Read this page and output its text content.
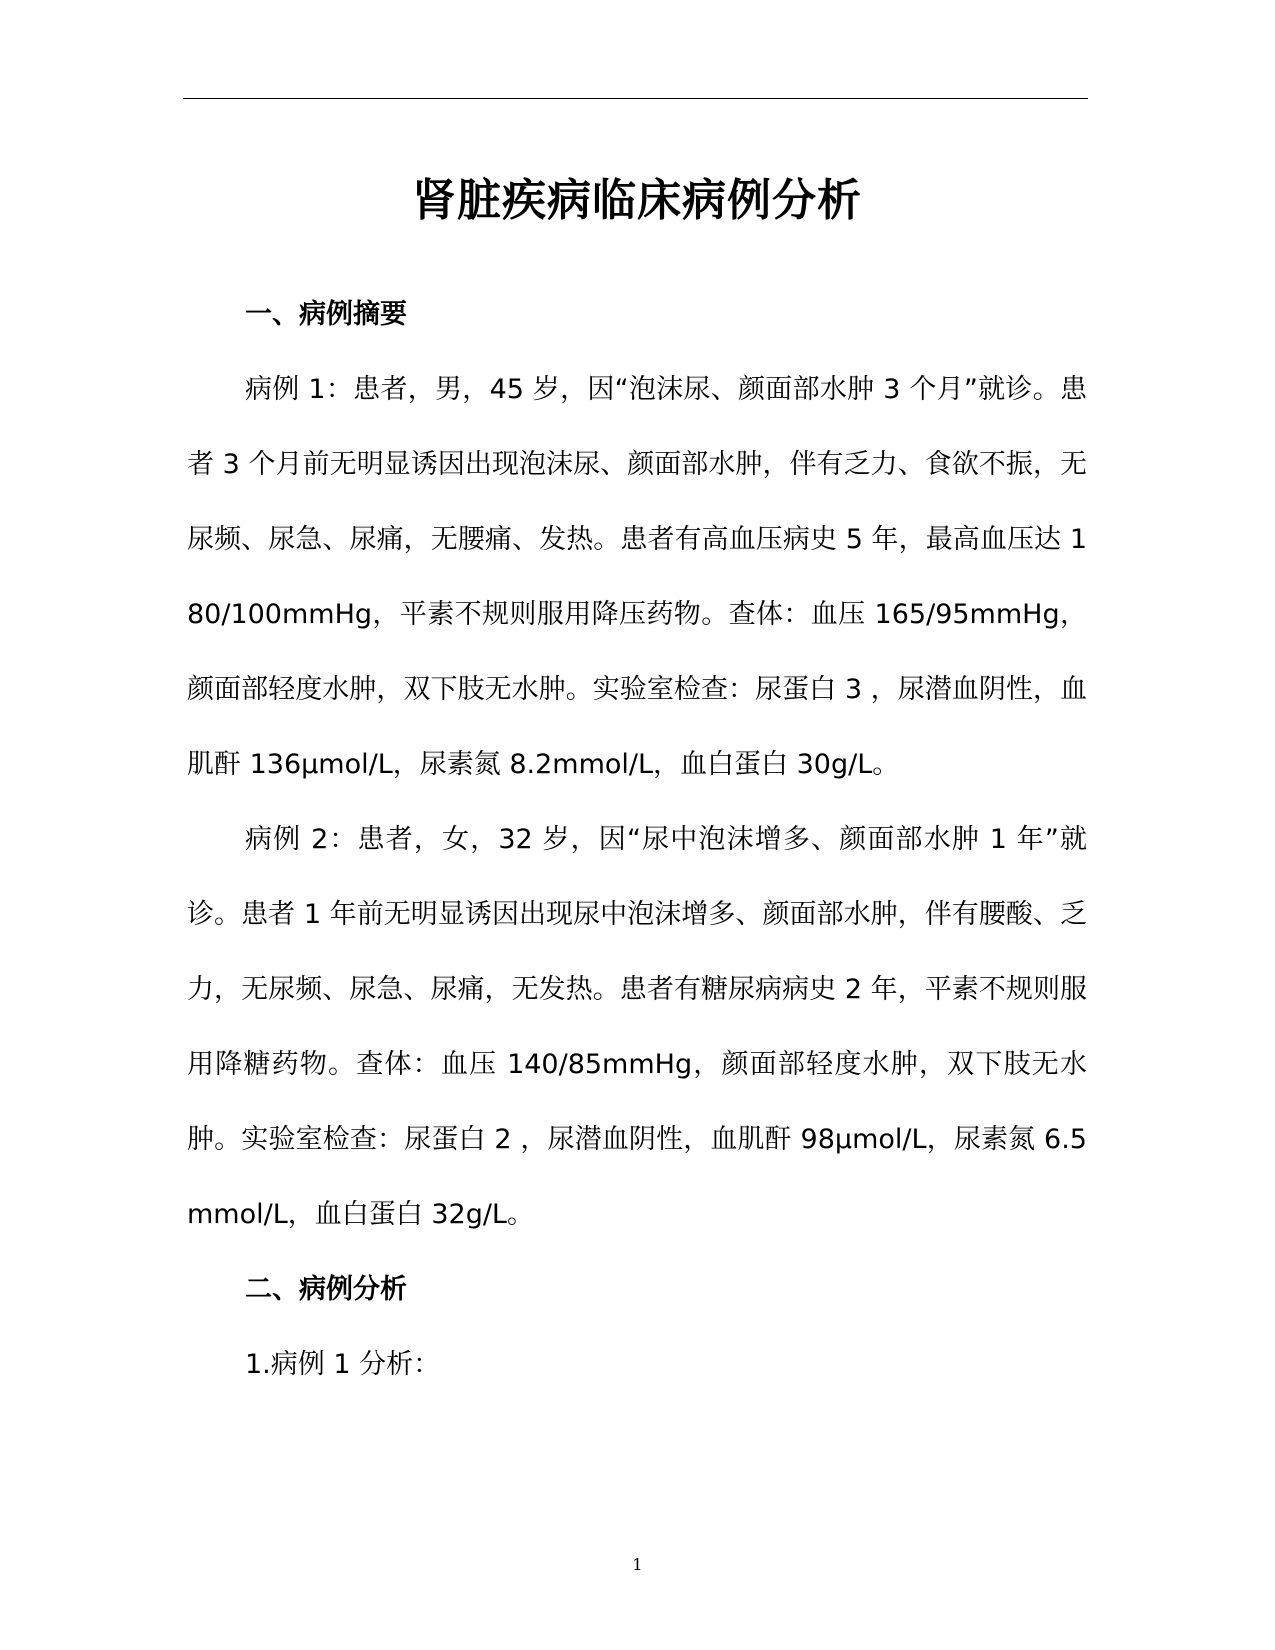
肾脏疾病临床病例分析
一、病例摘要

病例 1：患者，男，45 岁，因“泡沫尿、颜面部水肿 3 个月”就诊。患者 3 个月前无明显诱因出现泡沫尿、颜面部水肿，伴有乏力、食欲不振，无尿频、尿急、尿痛，无腰痛、发热。患者有高血压病史 5 年，最高血压达 180/100mmHg，平素不规则服用降压药物。查体：血压 165/95mmHg，颜面部轻度水肿，双下肢无水肿。实验室检查：尿蛋白 3 ，尿潜血阴性，血肌酐 136μmol/L，尿素氮 8.2mmol/L，血白蛋白 30g/L。

病例 2：患者，女，32 岁，因“尿中泡沫增多、颜面部水肿 1 年”就诊。患者 1 年前无明显诱因出现尿中泡沫增多、颜面部水肿，伴有腰酸、乏力，无尿频、尿急、尿痛，无发热。患者有糖尿病病史 2 年，平素不规则服用降糖药物。查体：血压 140/85mmHg，颜面部轻度水肿，双下肢无水肿。实验室检查：尿蛋白 2 ，尿潜血阴性，血肌酐 98μmol/L，尿素氮 6.5mmol/L，血白蛋白 32g/L。

二、病例分析

1.病例 1 分析：

1
